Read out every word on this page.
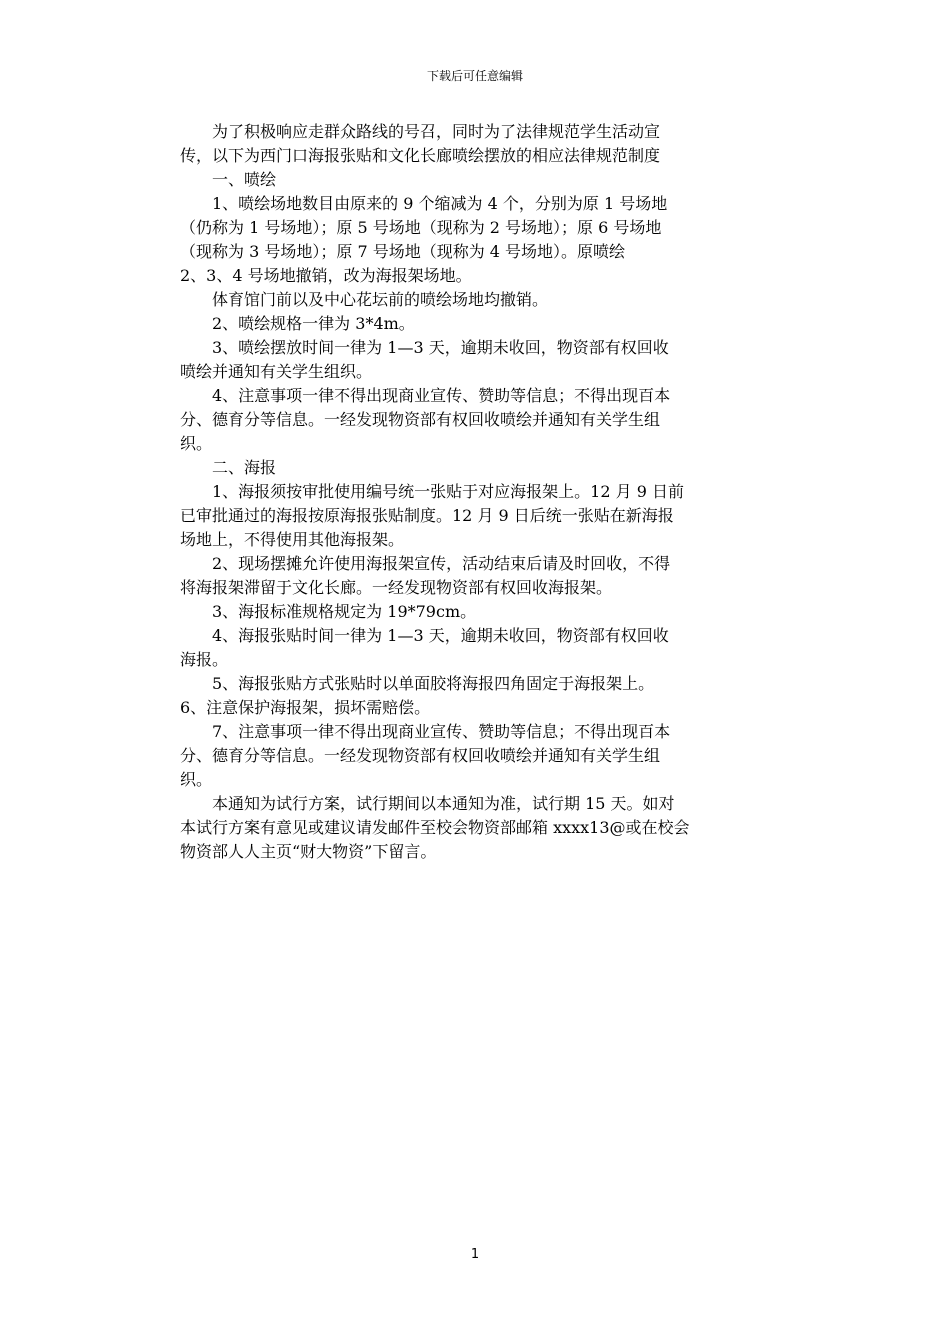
下载后可任意编辑

　　为了积极响应走群众路线的号召，同时为了法律规范学生活动宣

传，以下为西门口海报张贴和文化长廊喷绘摆放的相应法律规范制度

　　一、喷绘

　　1、喷绘场地数目由原来的 9 个缩减为 4 个，分别为原 1 号场地

（仍称为 1 号场地）；原 5 号场地（现称为 2 号场地）；原 6 号场地

（现称为 3 号场地）；原 7 号场地（现称为 4 号场地）。原喷绘

2、3、4 号场地撤销，改为海报架场地。

　　体育馆门前以及中心花坛前的喷绘场地均撤销。

　　2、喷绘规格一律为 3*4m。

　　3、喷绘摆放时间一律为 1—3 天，逾期未收回，物资部有权回收

喷绘并通知有关学生组织。

　　4、注意事项一律不得出现商业宣传、赞助等信息；不得出现百本

分、德育分等信息。一经发现物资部有权回收喷绘并通知有关学生组

织。

　　二、海报

　　1、海报须按审批使用编号统一张贴于对应海报架上。12 月 9 日前

已审批通过的海报按原海报张贴制度。12 月 9 日后统一张贴在新海报

场地上，不得使用其他海报架。

　　2、现场摆摊允许使用海报架宣传，活动结束后请及时回收，不得

将海报架滞留于文化长廊。一经发现物资部有权回收海报架。

　　3、海报标准规格规定为 19*79cm。

　　4、海报张贴时间一律为 1—3 天，逾期未收回，物资部有权回收

海报。

　　5、海报张贴方式张贴时以单面胶将海报四角固定于海报架上。

6、注意保护海报架，损坏需赔偿。

　　7、注意事项一律不得出现商业宣传、赞助等信息；不得出现百本

分、德育分等信息。一经发现物资部有权回收喷绘并通知有关学生组

织。

　　本通知为试行方案，试行期间以本通知为准，试行期 15 天。如对

本试行方案有意见或建议请发邮件至校会物资部邮箱 xxxx13@或在校会

物资部人人主页“财大物资”下留言。

1
